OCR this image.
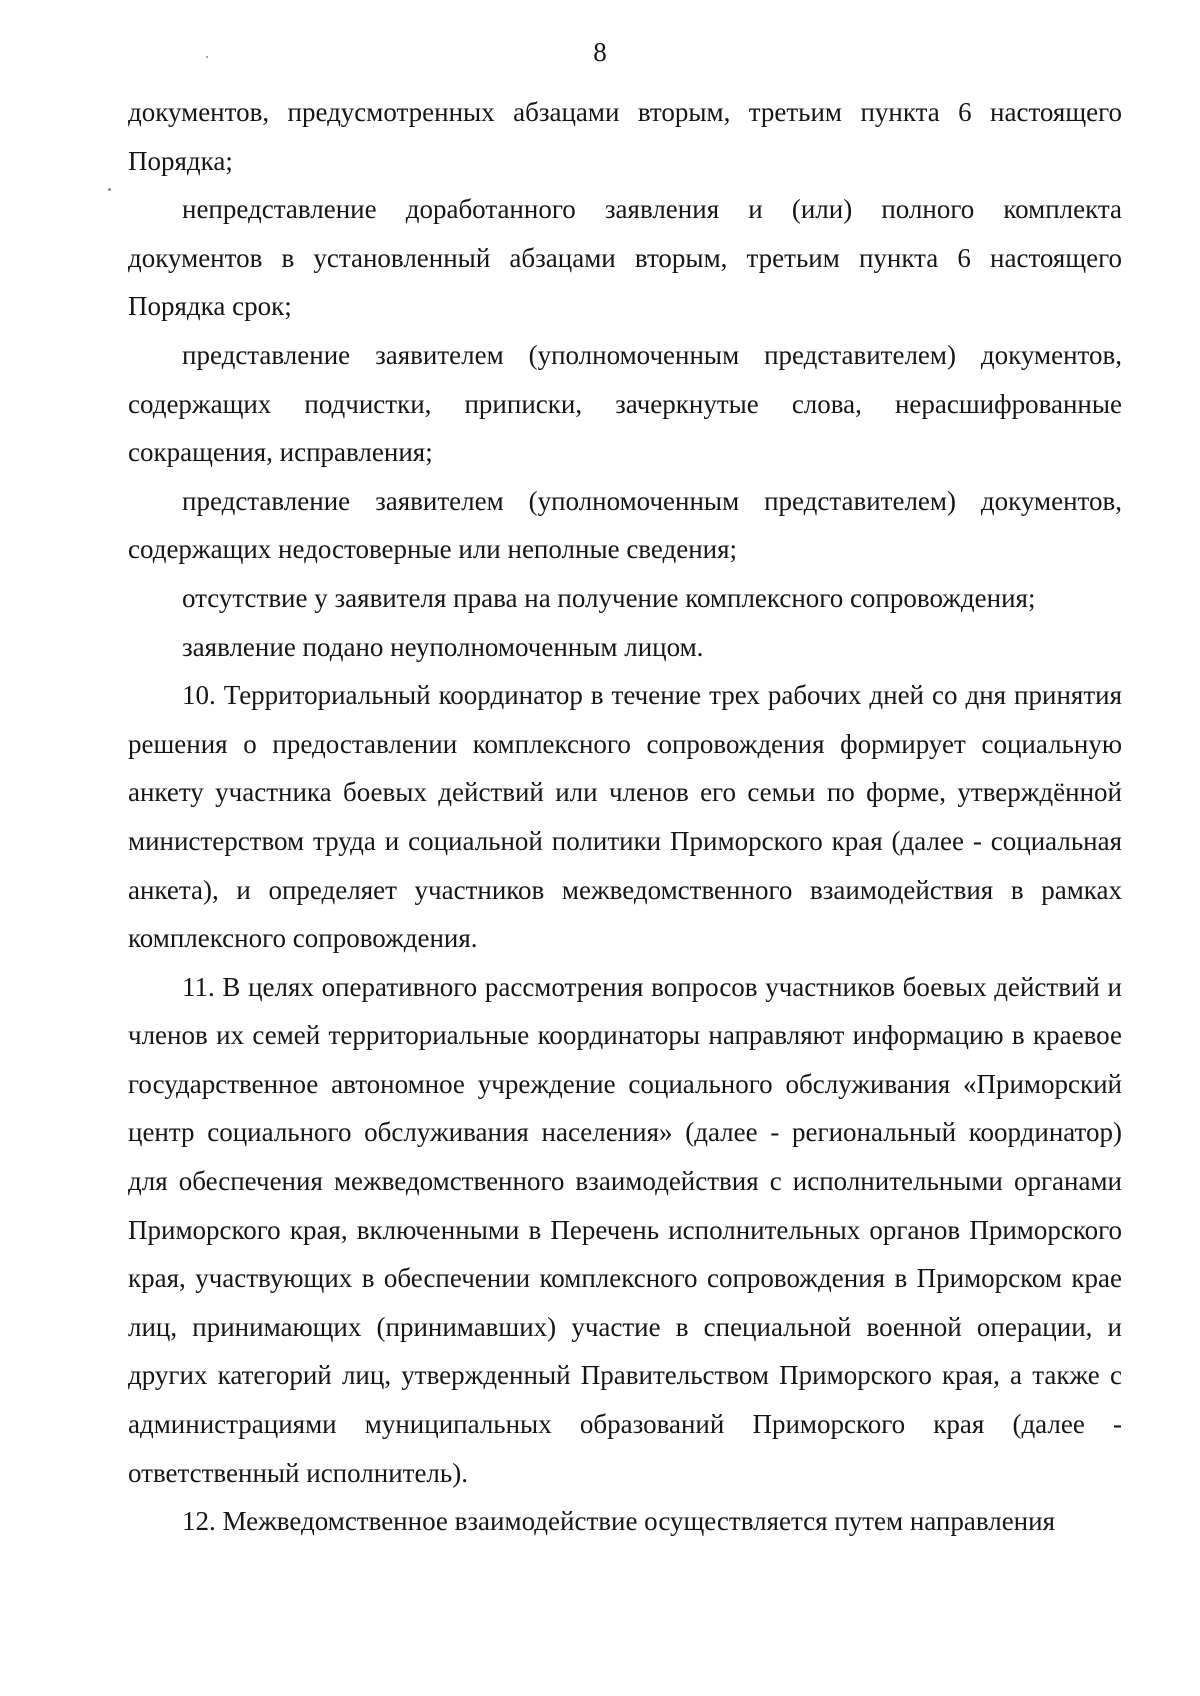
8

документов, предусмотренных абзацами вторым, третьим пункта 6 настоящего Порядка;

непредставление доработанного заявления и (или) полного комплекта документов в установленный абзацами вторым, третьим пункта 6 настоящего Порядка срок;

представление заявителем (уполномоченным представителем) документов, содержащих подчистки, приписки, зачеркнутые слова, нерасшифрованные сокращения, исправления;

представление заявителем (уполномоченным представителем) документов, содержащих недостоверные или неполные сведения;

отсутствие у заявителя права на получение комплексного сопровождения;

заявление подано неуполномоченным лицом.

10. Территориальный координатор в течение трех рабочих дней со дня принятия решения о предоставлении комплексного сопровождения формирует социальную анкету участника боевых действий или членов его семьи по форме, утверждённой министерством труда и социальной политики Приморского края (далее - социальная анкета), и определяет участников межведомственного взаимодействия в рамках комплексного сопровождения.

11. В целях оперативного рассмотрения вопросов участников боевых действий и членов их семей территориальные координаторы направляют информацию в краевое государственное автономное учреждение социального обслуживания «Приморский центр социального обслуживания населения» (далее - региональный координатор) для обеспечения межведомственного взаимодействия с исполнительными органами Приморского края, включенными в Перечень исполнительных органов Приморского края, участвующих в обеспечении комплексного сопровождения в Приморском крае лиц, принимающих (принимавших) участие в специальной военной операции, и других категорий лиц, утвержденный Правительством Приморского края, а также с администрациями муниципальных образований Приморского края (далее - ответственный исполнитель).

12. Межведомственное взаимодействие осуществляется путем направления
